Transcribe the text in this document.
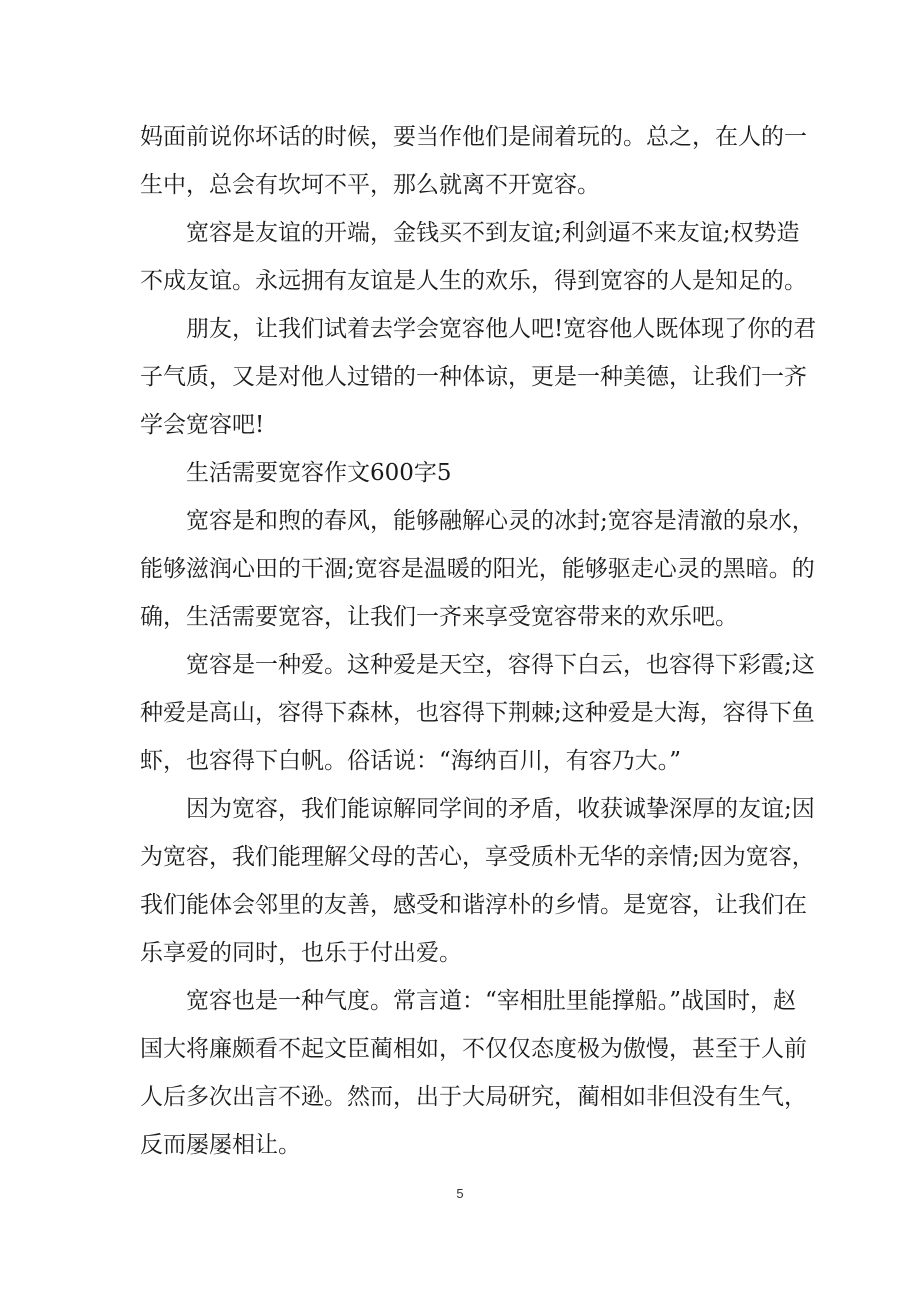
妈面前说你坏话的时候，要当作他们是闹着玩的。总之，在人的一

生中，总会有坎坷不平，那么就离不开宽容。

宽容是友谊的开端，金钱买不到友谊;利剑逼不来友谊;权势造

不成友谊。永远拥有友谊是人生的欢乐，得到宽容的人是知足的。

朋友，让我们试着去学会宽容他人吧!宽容他人既体现了你的君

子气质，又是对他人过错的一种体谅，更是一种美德，让我们一齐

学会宽容吧!

生活需要宽容作文600字5

宽容是和煦的春风，能够融解心灵的冰封;宽容是清澈的泉水，

能够滋润心田的干涸;宽容是温暖的阳光，能够驱走心灵的黑暗。的

确，生活需要宽容，让我们一齐来享受宽容带来的欢乐吧。

宽容是一种爱。这种爱是天空，容得下白云，也容得下彩霞;这

种爱是高山，容得下森林，也容得下荆棘;这种爱是大海，容得下鱼

虾，也容得下白帆。俗话说：“海纳百川，有容乃大。”

因为宽容，我们能谅解同学间的矛盾，收获诚挚深厚的友谊;因

为宽容，我们能理解父母的苦心，享受质朴无华的亲情;因为宽容，

我们能体会邻里的友善，感受和谐淳朴的乡情。是宽容，让我们在

乐享爱的同时，也乐于付出爱。

宽容也是一种气度。常言道：“宰相肚里能撑船。”战国时，赵

国大将廉颇看不起文臣蔺相如，不仅仅态度极为傲慢，甚至于人前

人后多次出言不逊。然而，出于大局研究，蔺相如非但没有生气，

反而屡屡相让。

5
